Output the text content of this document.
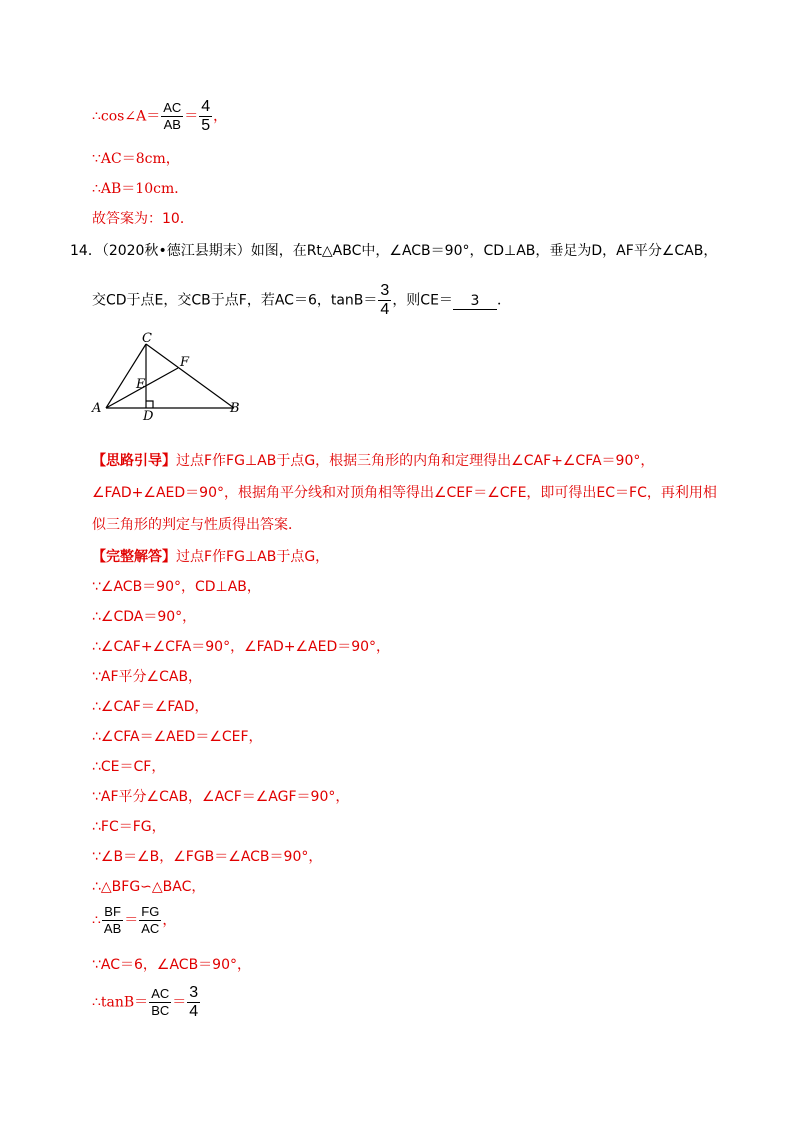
∴cos∠A＝ $\frac{AC}{AB} = \frac{4}{5}$ ，
∵AC＝8cm，
∴AB＝10cm．
故答案为：10．
14．（2020秋•德江县期末）如图，在Rt△ABC中，∠ACB＝90°，CD⊥AB，垂足为D，AF平分∠CAB，
交CD于点E，交CB于点F，若AC＝6，$\tan B= \frac{3}{4}$ ，则CE＝ 3 ．
C
F
E
A
D
B
【思路引导】过点F作FG⊥AB于点G，根据三角形的内角和定理得出∠CAF+∠CFA＝90°，
∠FAD+∠AED＝90°，根据角平分线和对顶角相等得出∠CEF＝∠CFE，即可得出EC＝FC，再利用相
似三角形的判定与性质得出答案．
【完整解答】过点F作FG⊥AB于点G，
∵∠ACB＝90°，CD⊥AB，
∴∠CDA＝90°，
∴∠CAF+∠CFA＝90°，∠FAD+∠AED＝90°，
∵AF平分∠CAB，
∴∠CAF＝∠FAD，
∴∠CFA＝∠AED＝∠CEF，
∴CE＝CF，
∵AF平分∠CAB，∠ACF＝∠AGF＝90°，
∴FC＝FG，
∵∠B＝∠B，∠FGB＝∠ACB＝90°，
∴△BFG∽△BAC，
∴ $\frac{BF}{AB} = \frac{FG}{AC}$ ，
∵AC＝6，∠ACB＝90°，
∴tanB＝ $\frac{AC}{BC} = \frac{3}{4}$
